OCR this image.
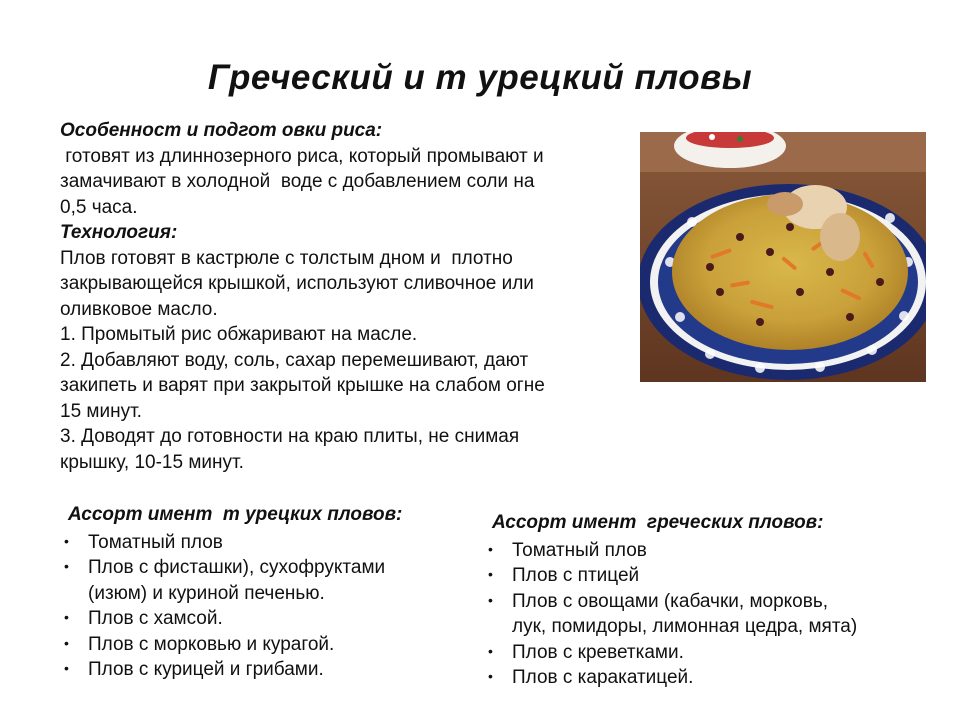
Греческий и т урецкий пловы
Особенност и подгот овки риса:
готовят из длиннозерного риса, который промывают и
замачивают в холодной  воде с добавлением соли на
0,5 часа.
Технология:
Плов готовят в кастрюле с толстым дном и  плотно
закрывающейся крышкой, используют сливочное или
оливковое масло.
1. Промытый рис обжаривают на масле.
2. Добавляют воду, соль, сахар перемешивают, дают
закипеть и варят при закрытой крышке на слабом огне
15 минут.
3. Доводят до готовности на краю плиты, не снимая
крышку, 10-15 минут.
Ассорт имент  т урецких пловов:
• Томатный плов
• Плов с фисташки), сухофруктами
(изюм) и куриной печенью.
• Плов с хамсой.
• Плов с морковью и курагой.
• Плов с курицей и грибами.
Ассорт имент  греческих пловов:
• Томатный плов
• Плов с птицей
• Плов с овощами (кабачки, морковь,
лук, помидоры, лимонная цедра, мята)
• Плов с креветками.
• Плов с каракатицей.
